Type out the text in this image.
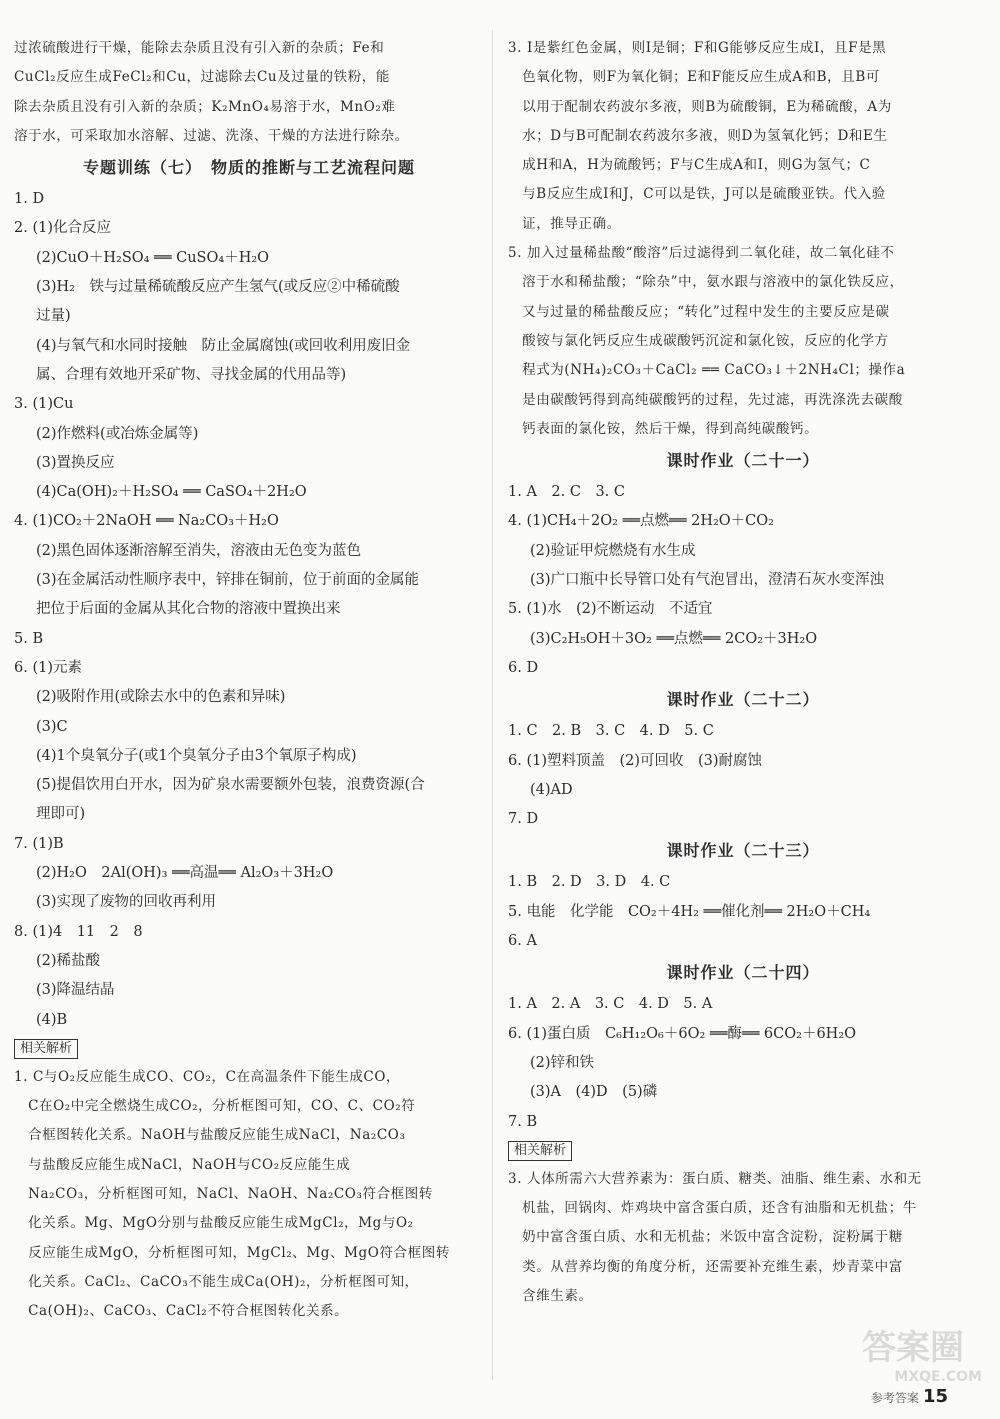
过浓硫酸进行干燥，能除去杂质且没有引入新的杂质；Fe和
CuCl₂反应生成FeCl₂和Cu，过滤除去Cu及过量的铁粉，能
除去杂质且没有引入新的杂质；K₂MnO₄易溶于水，MnO₂难
溶于水，可采取加水溶解、过滤、洗涤、干燥的方法进行除杂。
专题训练（七）　物质的推断与工艺流程问题
1. D
2. (1)化合反应
(2)CuO＋H₂SO₄ ══ CuSO₄＋H₂O
(3)H₂　铁与过量稀硫酸反应产生氢气(或反应②中稀硫酸
过量)
(4)与氧气和水同时接触　防止金属腐蚀(或回收利用废旧金
属、合理有效地开采矿物、寻找金属的代用品等)
3. (1)Cu
(2)作燃料(或冶炼金属等)
(3)置换反应
(4)Ca(OH)₂＋H₂SO₄ ══ CaSO₄＋2H₂O
4. (1)CO₂＋2NaOH ══ Na₂CO₃＋H₂O
(2)黑色固体逐渐溶解至消失，溶液由无色变为蓝色
(3)在金属活动性顺序表中，锌排在铜前，位于前面的金属能
把位于后面的金属从其化合物的溶液中置换出来
5. B
6. (1)元素
(2)吸附作用(或除去水中的色素和异味)
(3)C
(4)1个臭氧分子(或1个臭氧分子由3个氧原子构成)
(5)提倡饮用白开水，因为矿泉水需要额外包装，浪费资源(合
理即可)
7. (1)B
(2)H₂O　2Al(OH)₃ ══高温══ Al₂O₃＋3H₂O
(3)实现了废物的回收再利用
8. (1)4　11　2　8
(2)稀盐酸
(3)降温结晶
(4)B
相关解析
1. C与O₂反应能生成CO、CO₂，C在高温条件下能生成CO，
　C在O₂中完全燃烧生成CO₂，分析框图可知，CO、C、CO₂符
　合框图转化关系。NaOH与盐酸反应能生成NaCl，Na₂CO₃
　与盐酸反应能生成NaCl，NaOH与CO₂反应能生成
　Na₂CO₃，分析框图可知，NaCl、NaOH、Na₂CO₃符合框图转
　化关系。Mg、MgO分别与盐酸反应能生成MgCl₂，Mg与O₂
　反应能生成MgO，分析框图可知，MgCl₂、Mg、MgO符合框图转
　化关系。CaCl₂、CaCO₃不能生成Ca(OH)₂，分析框图可知，
　Ca(OH)₂、CaCO₃、CaCl₂不符合框图转化关系。
3. I是紫红色金属，则I是铜；F和G能够反应生成I，且F是黑
　色氧化物，则F为氧化铜；E和F能反应生成A和B，且B可
　以用于配制农药波尔多液，则B为硫酸铜，E为稀硫酸，A为
　水；D与B可配制农药波尔多液，则D为氢氧化钙；D和E生
　成H和A，H为硫酸钙；F与C生成A和I，则G为氢气；C
　与B反应生成I和J，C可以是铁，J可以是硫酸亚铁。代入验
　证，推导正确。
5. 加入过量稀盐酸“酸溶”后过滤得到二氧化硅，故二氧化硅不
　溶于水和稀盐酸；“除杂”中，氨水跟与溶液中的氯化铁反应，
　又与过量的稀盐酸反应；“转化”过程中发生的主要反应是碳
　酸铵与氯化钙反应生成碳酸钙沉淀和氯化铵，反应的化学方
　程式为(NH₄)₂CO₃＋CaCl₂ ══ CaCO₃↓＋2NH₄Cl；操作a
　是由碳酸钙得到高纯碳酸钙的过程，先过滤，再洗涤洗去碳酸
　钙表面的氯化铵，然后干燥，得到高纯碳酸钙。
课时作业（二十一）
1. A　2. C　3. C
4. (1)CH₄＋2O₂ ══点燃══ 2H₂O＋CO₂
(2)验证甲烷燃烧有水生成
(3)广口瓶中长导管口处有气泡冒出，澄清石灰水变浑浊
5. (1)水　(2)不断运动　不适宜
(3)C₂H₅OH＋3O₂ ══点燃══ 2CO₂＋3H₂O
6. D
课时作业（二十二）
1. C　2. B　3. C　4. D　5. C
6. (1)塑料顶盖　(2)可回收　(3)耐腐蚀
(4)AD
7. D
课时作业（二十三）
1. B　2. D　3. D　4. C
5. 电能　化学能　CO₂＋4H₂ ══催化剂══ 2H₂O＋CH₄
6. A
课时作业（二十四）
1. A　2. A　3. C　4. D　5. A
6. (1)蛋白质　C₆H₁₂O₆＋6O₂ ══酶══ 6CO₂＋6H₂O
(2)锌和铁
(3)A　(4)D　(5)磷
7. B
相关解析
3. 人体所需六大营养素为：蛋白质、糖类、油脂、维生素、水和无
　机盐，回锅肉、炸鸡块中富含蛋白质，还含有油脂和无机盐；牛
　奶中富含蛋白质、水和无机盐；米饭中富含淀粉，淀粉属于糖
　类。从营养均衡的角度分析，还需要补充维生素，炒青菜中富
　含维生素。
答案圈
MXQE.COM
参考答案 15
